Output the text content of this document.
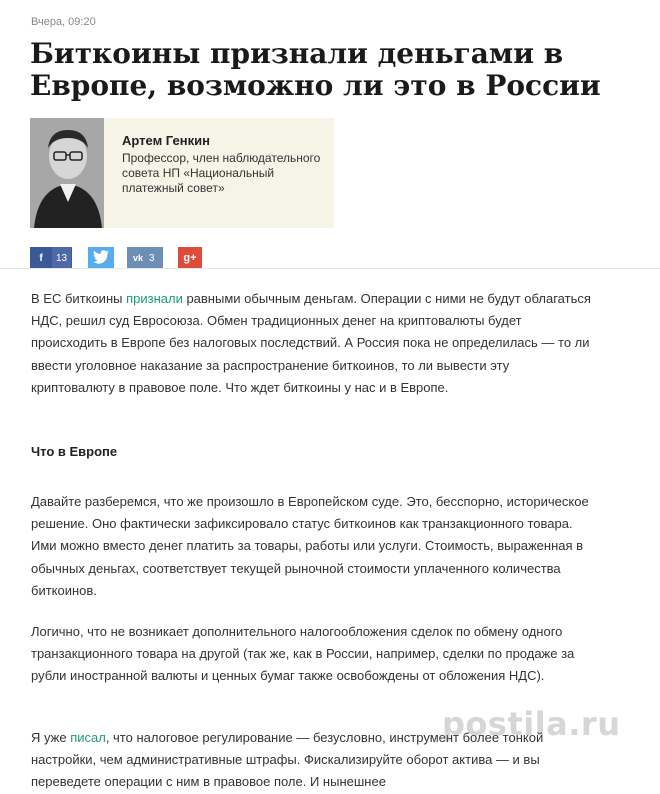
Вчера, 09:20
Биткоины признали деньгами в Европе, возможно ли это в России
Артем Генкин
Профессор, член наблюдательного совета НП «Национальный платежный совет»
f	13	vk 3	g+

В ЕС биткоины признали равными обычным деньгам. Операции с ними не будут облагаться НДС, решил суд Евросоюза. Обмен традиционных денег на криптовалюты будет происходить в Европе без налоговых последствий. А Россия пока не определилась — то ли ввести уголовное наказание за распространение биткоинов, то ли вывести эту криптовалюту в правовое поле. Что ждет биткоины у нас и в Европе.

Что в Европе

Давайте разберемся, что же произошло в Европейском суде. Это, бесспорно, историческое решение. Оно фактически зафиксировало статус биткоинов как транзакционного товара. Ими можно вместо денег платить за товары, работы или услуги. Стоимость, выраженная в обычных деньгах, соответствует текущей рыночной стоимости уплаченного количества биткоинов.

Логично, что не возникает дополнительного налогообложения сделок по обмену одного транзакционного товара на другой (так же, как в России, например, сделки по продаже за рубли иностранной валюты и ценных бумаг также освобождены от обложения НДС).

Я уже писал, что налоговое регулирование — безусловно, инструмент более тонкой настройки, чем административные штрафы. Фискализируйте оборот актива — и вы переведете операции с ним в правовое поле. И нынешнее

postila.ru
